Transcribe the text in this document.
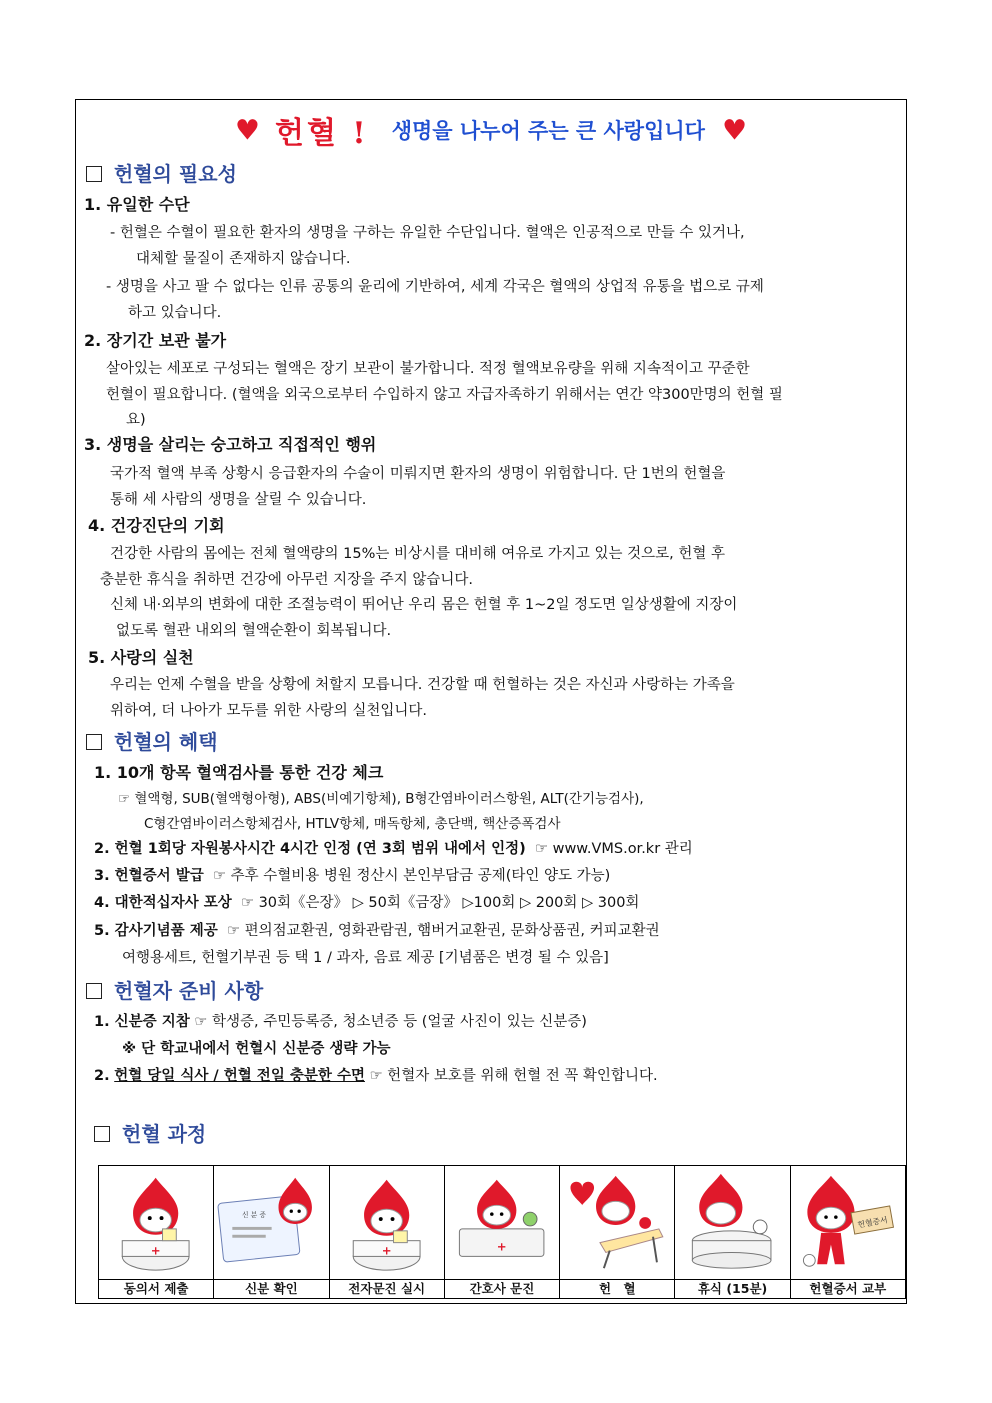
♥ 헌혈 ! 생명을 나누어 주는 큰 사랑입니다 ♥
헌혈의 필요성
1. 유일한 수단
- 헌혈은 수혈이 필요한 환자의 생명을 구하는 유일한 수단입니다. 혈액은 인공적으로 만들 수 있거나,
대체할 물질이 존재하지 않습니다.
- 생명을 사고 팔 수 없다는 인류 공통의 윤리에 기반하여, 세계 각국은 혈액의 상업적 유통을 법으로 규제
하고 있습니다.
2. 장기간 보관 불가
살아있는 세포로 구성되는 혈액은 장기 보관이 불가합니다. 적정 혈액보유량을 위해 지속적이고 꾸준한
헌혈이 필요합니다. (혈액을 외국으로부터 수입하지 않고 자급자족하기 위해서는 연간 약300만명의 헌혈 필
요)
3. 생명을 살리는 숭고하고 직접적인 행위
국가적 혈액 부족 상황시 응급환자의 수술이 미뤄지면 환자의 생명이 위험합니다. 단 1번의 헌혈을
통해 세 사람의 생명을 살릴 수 있습니다.
4. 건강진단의 기회
건강한 사람의 몸에는 전체 혈액량의 15%는 비상시를 대비해 여유로 가지고 있는 것으로, 헌혈 후
충분한 휴식을 취하면 건강에 아무런 지장을 주지 않습니다.
신체 내·외부의 변화에 대한 조절능력이 뛰어난 우리 몸은 헌혈 후 1~2일 정도면 일상생활에 지장이
없도록 혈관 내외의 혈액순환이 회복됩니다.
5. 사랑의 실천
우리는 언제 수혈을 받을 상황에 처할지 모릅니다. 건강할 때 헌혈하는 것은 자신과 사랑하는 가족을
위하여, 더 나아가 모두를 위한 사랑의 실천입니다.
헌혈의 혜택
1. 10개 항목 혈액검사를 통한 건강 체크
☞ 혈액형, SUB(혈액형아형), ABS(비예기항체), B형간염바이러스항원, ALT(간기능검사),
C형간염바이러스항체검사, HTLV항체, 매독항체, 총단백, 핵산증폭검사
2. 헌혈 1회당 자원봉사시간 4시간 인정 (연 3회 범위 내에서 인정) ☞ www.VMS.or.kr 관리
3. 헌혈증서 발급 ☞ 추후 수혈비용 병원 정산시 본인부담금 공제(타인 양도 가능)
4. 대한적십자사 포상 ☞ 30회《은장》 ▷ 50회《금장》 ▷100회 ▷ 200회 ▷ 300회
5. 감사기념품 제공 ☞ 편의점교환권, 영화관람권, 햄버거교환권, 문화상품권, 커피교환권
여행용세트, 헌혈기부권 등 택 1 / 과자, 음료 제공 [기념품은 변경 될 수 있음]
헌혈자 준비 사항
1. 신분증 지참 ☞ 학생증, 주민등록증, 청소년증 등 (얼굴 사진이 있는 신분증)
※ 단 학교내에서 헌혈시 신분증 생략 가능
2. 헌혈 당일 식사 / 헌혈 전일 충분한 수면 ☞ 헌혈자 보호를 위해 헌혈 전 꼭 확인합니다.
헌혈 과정
+
동의서 제출
신 분 증
신분 확인
+
전자문진 실시
+
간호사 문진	헌　혈	휴식 (15분)
헌혈증서
헌혈증서 교부
